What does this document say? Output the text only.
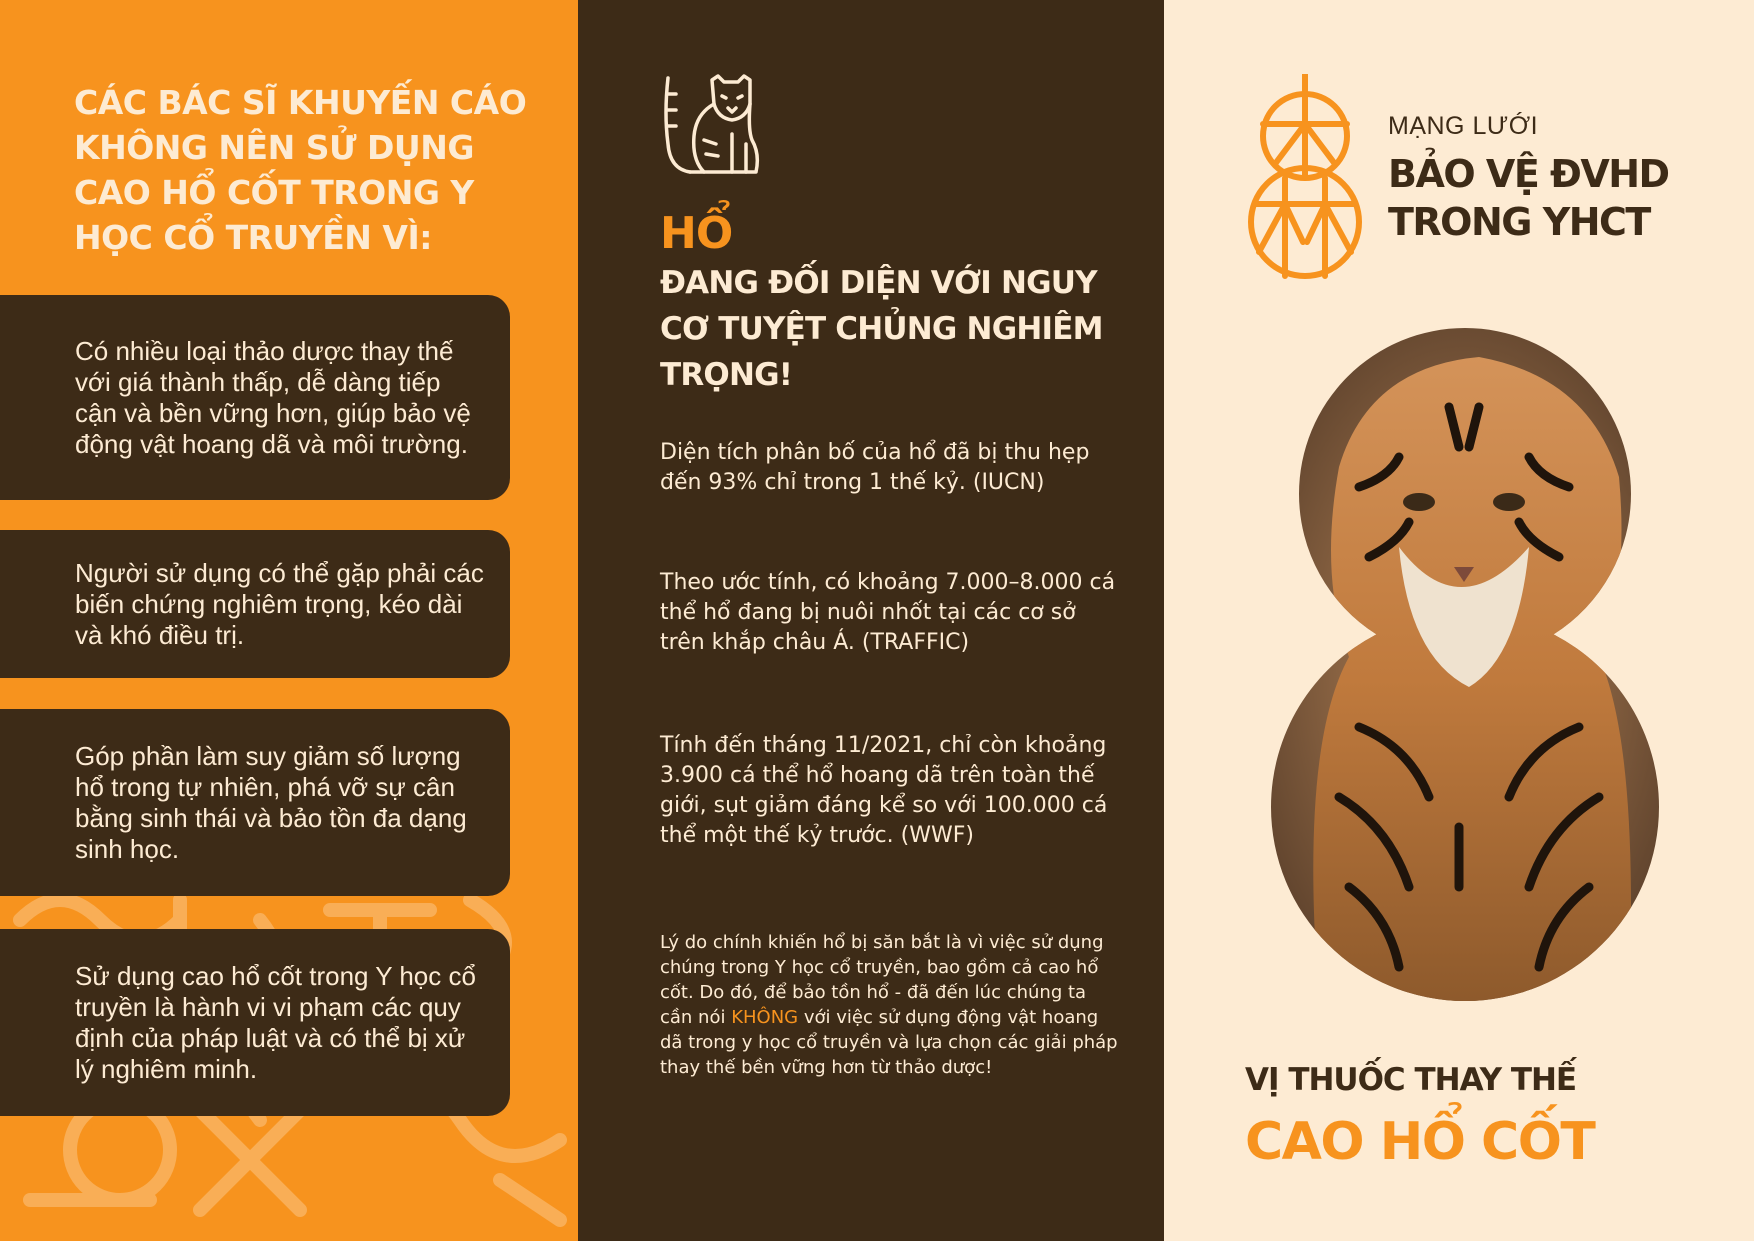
CÁC BÁC SĨ KHUYẾN CÁO KHÔNG NÊN SỬ DỤNG CAO HỔ CỐT TRONG Y HỌC CỔ TRUYỀN VÌ:
Có nhiều loại thảo dược thay thế với giá thành thấp, dễ dàng tiếp cận và bền vững hơn, giúp bảo vệ động vật hoang dã và môi trường.
Người sử dụng có thể gặp phải các biến chứng nghiêm trọng, kéo dài và khó điều trị.
Góp phần làm suy giảm số lượng hổ trong tự nhiên, phá vỡ sự cân bằng sinh thái và bảo tồn đa dạng sinh học.
Sử dụng cao hổ cốt trong Y học cổ truyền là hành vi vi phạm các quy định của pháp luật và có thể bị xử lý nghiêm minh.
HỔ
ĐANG ĐỐI DIỆN VỚI NGUY CƠ TUYỆT CHỦNG NGHIÊM TRỌNG!

Diện tích phân bố của hổ đã bị thu hẹp đến 93% chỉ trong 1 thế kỷ. (IUCN)

Theo ước tính, có khoảng 7.000–8.000 cá thể hổ đang bị nuôi nhốt tại các cơ sở trên khắp châu Á. (TRAFFIC)

Tính đến tháng 11/2021, chỉ còn khoảng 3.900 cá thể hổ hoang dã trên toàn thế giới, sụt giảm đáng kể so với 100.000 cá thể một thế kỷ trước. (WWF)

Lý do chính khiến hổ bị săn bắt là vì việc sử dụng chúng trong Y học cổ truyền, bao gồm cả cao hổ cốt. Do đó, để bảo tồn hổ - đã đến lúc chúng ta cần nói KHÔNG với việc sử dụng động vật hoang dã trong y học cổ truyền và lựa chọn các giải pháp thay thế bền vững hơn từ thảo dược!

MẠNG LƯỚI
BẢO VỆ ĐVHD
TRONG YHCT
VỊ THUỐC THAY THẾ
CAO HỔ CỐT
